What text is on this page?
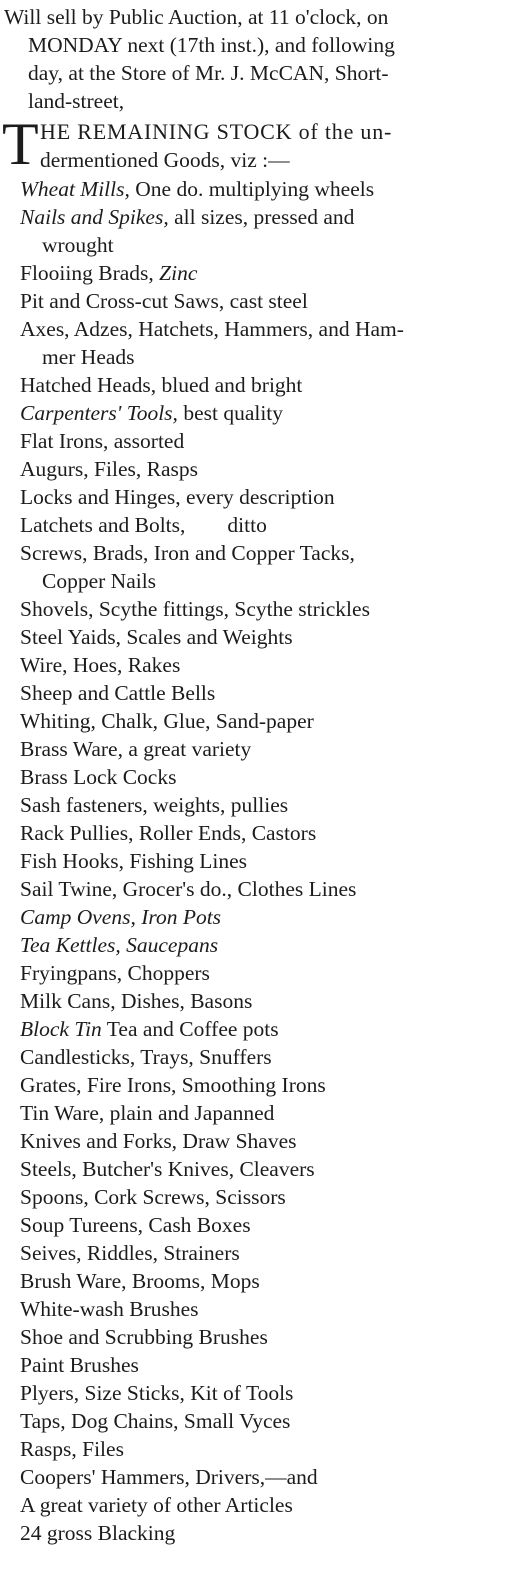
Will sell by Public Auction, at 11 o'clock, on
MONDAY next (17th inst.), and following
day, at the Store of Mr. J. McCAN, Short-
land-street,
T HE REMAINING STOCK of the un-
dermentioned Goods, viz :—
Wheat Mills, One do. multiplying wheels
Nails and Spikes, all sizes, pressed and
wrought
Flooiing Brads, Zinc
Pit and Cross-cut Saws, cast steel
Axes, Adzes, Hatchets, Hammers, and Ham-
mer Heads
Hatched Heads, blued and bright
Carpenters' Tools, best quality
Flat Irons, assorted
Augurs, Files, Rasps
Locks and Hinges, every description
Latchets and Bolts, ditto
Screws, Brads, Iron and Copper Tacks,
Copper Nails
Shovels, Scythe fittings, Scythe strickles
Steel Yaids, Scales and Weights
Wire, Hoes, Rakes
Sheep and Cattle Bells
Whiting, Chalk, Glue, Sand-paper
Brass Ware, a great variety
Brass Lock Cocks
Sash fasteners, weights, pullies
Rack Pullies, Roller Ends, Castors
Fish Hooks, Fishing Lines
Sail Twine, Grocer's do., Clothes Lines
Camp Ovens, Iron Pots
Tea Kettles, Saucepans
Fryingpans, Choppers
Milk Cans, Dishes, Basons
Block Tin Tea and Coffee pots
Candlesticks, Trays, Snuffers
Grates, Fire Irons, Smoothing Irons
Tin Ware, plain and Japanned
Knives and Forks, Draw Shaves
Steels, Butcher's Knives, Cleavers
Spoons, Cork Screws, Scissors
Soup Tureens, Cash Boxes
Seives, Riddles, Strainers
Brush Ware, Brooms, Mops
White-wash Brushes
Shoe and Scrubbing Brushes
Paint Brushes
Plyers, Size Sticks, Kit of Tools
Taps, Dog Chains, Small Vyces
Rasps, Files
Coopers' Hammers, Drivers,—and
A great variety of other Articles
24 gross Blacking
